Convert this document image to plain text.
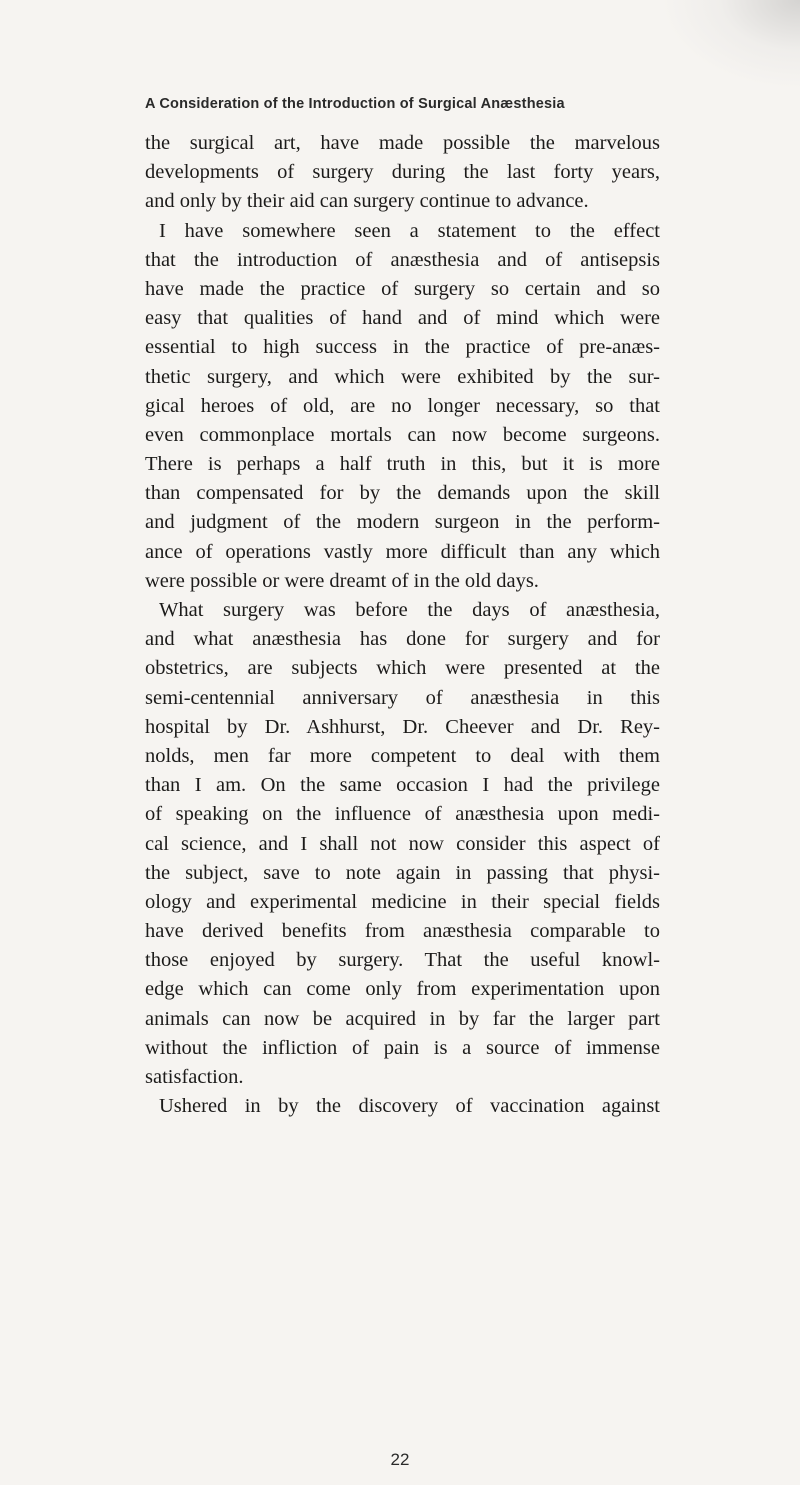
A Consideration of the Introduction of Surgical Anæsthesia
the surgical art, have made possible the marvelous
developments of surgery during the last forty years,
and only by their aid can surgery continue to advance.
I have somewhere seen a statement to the effect
that the introduction of anæsthesia and of antisepsis
have made the practice of surgery so certain and so
easy that qualities of hand and of mind which were
essential to high success in the practice of pre-anæs-
thetic surgery, and which were exhibited by the sur-
gical heroes of old, are no longer necessary, so that
even commonplace mortals can now become surgeons.
There is perhaps a half truth in this, but it is more
than compensated for by the demands upon the skill
and judgment of the modern surgeon in the perform-
ance of operations vastly more difficult than any which
were possible or were dreamt of in the old days.
What surgery was before the days of anæsthesia,
and what anæsthesia has done for surgery and for
obstetrics, are subjects which were presented at the
semi-centennial anniversary of anæsthesia in this
hospital by Dr. Ashhurst, Dr. Cheever and Dr. Rey-
nolds, men far more competent to deal with them
than I am. On the same occasion I had the privilege
of speaking on the influence of anæsthesia upon medi-
cal science, and I shall not now consider this aspect of
the subject, save to note again in passing that physi-
ology and experimental medicine in their special fields
have derived benefits from anæsthesia comparable to
those enjoyed by surgery. That the useful knowl-
edge which can come only from experimentation upon
animals can now be acquired in by far the larger part
without the infliction of pain is a source of immense
satisfaction.
Ushered in by the discovery of vaccination against
22
